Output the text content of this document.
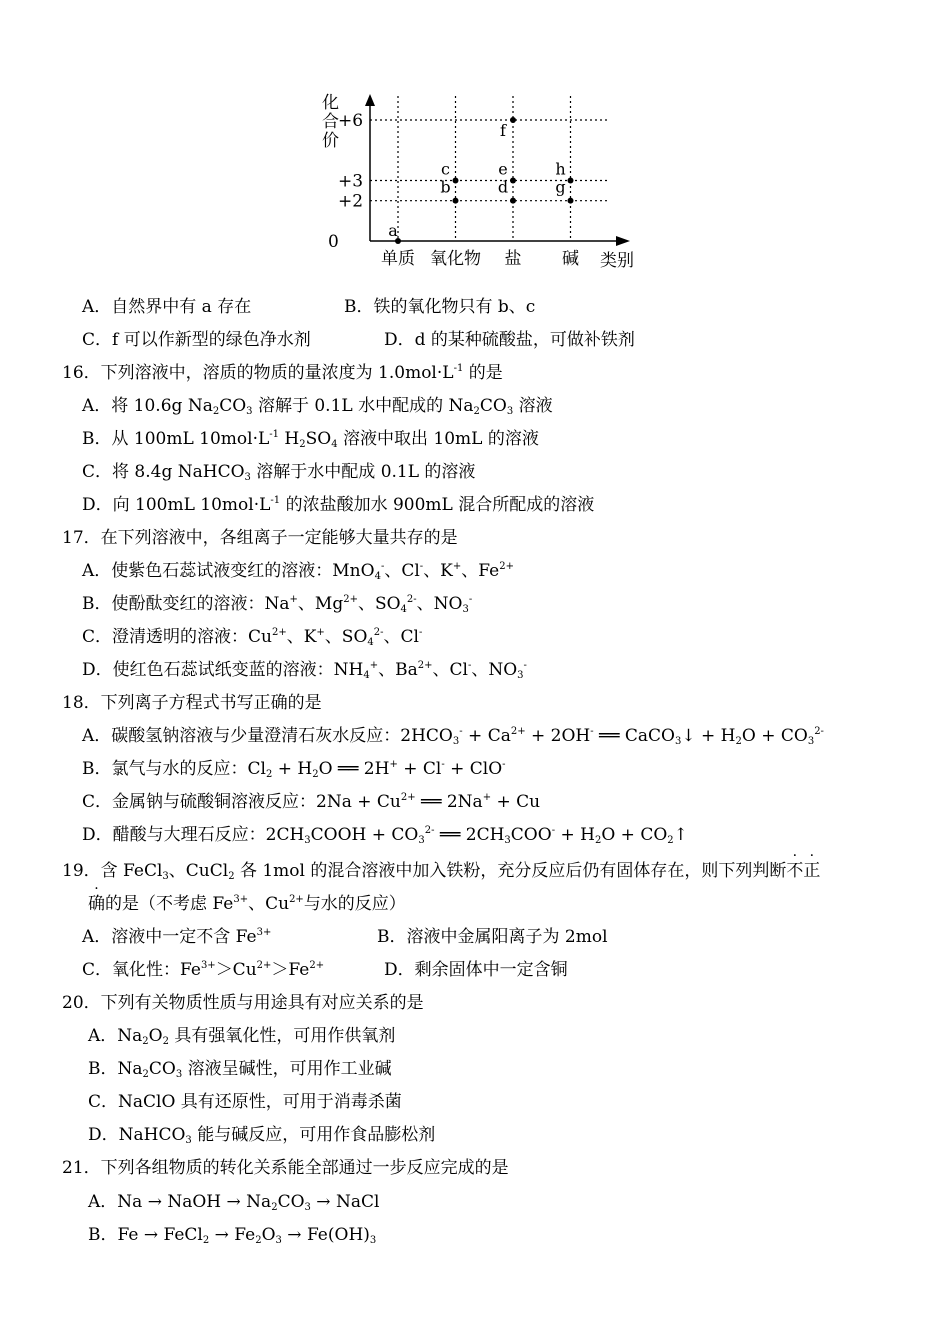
化
合
价
类别
0
+2
+3
+6
单质 氧化物 盐 碱
a
b
c
d
e
f
g
h
A．自然界中有 a 存在	B．铁的氧化物只有 b、c
C．f 可以作新型的绿色净水剂	D．d 的某种硫酸盐，可做补铁剂
16．下列溶液中，溶质的物质的量浓度为 $1.0mol\cdot L^{-1}$ 的是
A．将 10.6g $Na_2CO_3$ 溶解于 0.1L 水中配成的 $Na_2CO_3$ 溶液
B．从 100mL $10mol\cdot L^{-1}$ $H_2SO_4$ 溶液中取出 10mL 的溶液
C．将 8.4g NaHCO$_3$ 溶解于水中配成 0.1L 的溶液
D．向 100mL $10mol\cdot L^{-1}$ 的浓盐酸加水 900mL 混合所配成的溶液
17．在下列溶液中，各组离子一定能够大量共存的是
A．使紫色石蕊试液变红的溶液：MnO$_4$-、Cl-、K+、$Fe^{2+}$
B．使酚酞变红的溶液：Na+、$Mg^{2+}$、$SO_4^{2-}$、$NO_3^-$
C．澄清透明的溶液：$Cu^{2+}$、K+、$SO_4^{2-}$、Cl-
D．使红色石蕊试纸变蓝的溶液：$NH_4^+$、$Ba^{2+}$、Cl-、$NO_3^-$
18．下列离子方程式书写正确的是
A．碳酸氢钠溶液与少量澄清石灰水反应：$2HCO_3^- + Ca^{2+} + 2OH^-$ ══ CaCO$_3$↓ + $H_2O + CO_3^{2-}$
B．氯气与水的反应：$Cl_2 + H_2O$ ══ 2H+ + Cl- + ClO-
C．金属钠与硫酸铜溶液反应：$2Na + Cu^{2+}$ ══ 2Na+ + Cu
D．醋酸与大理石反应：$2CH_3COOH + CO_3^{2-}$ ══ $2CH_3COO^- + H_2O$ + $CO_2↑$
19．含 FeCl$_3$、CuCl$_2$ 各 1mol 的混合溶液中加入铁粉，充分反应后仍有固体存在，则下列判断不正
确的是（不考虑 $Fe^{3+}$、$Cu^{2+}$与水的反应）
A．溶液中一定不含 $Fe^{3+}$	B．溶液中金属阳离子为 2mol
C．氧化性：$Fe^{3+}>Cu^{2+}>Fe^{2+}$	D．剩余固体中一定含铜
20．下列有关物质性质与用途具有对应关系的是
A．$Na_2O_2$ 具有强氧化性，可用作供氧剂
B．$Na_2CO_3$ 溶液呈碱性，可用作工业碱
C．NaClO 具有还原性，可用于消毒杀菌
D．NaHCO$_3$ 能与碱反应，可用作食品膨松剂
21．下列各组物质的转化关系能全部通过一步反应完成的是
A．Na → NaOH → $Na_2CO_3$ → NaCl
B．Fe → FeCl$_2$ → $Fe_2O_3 \to Fe(OH)_3$
